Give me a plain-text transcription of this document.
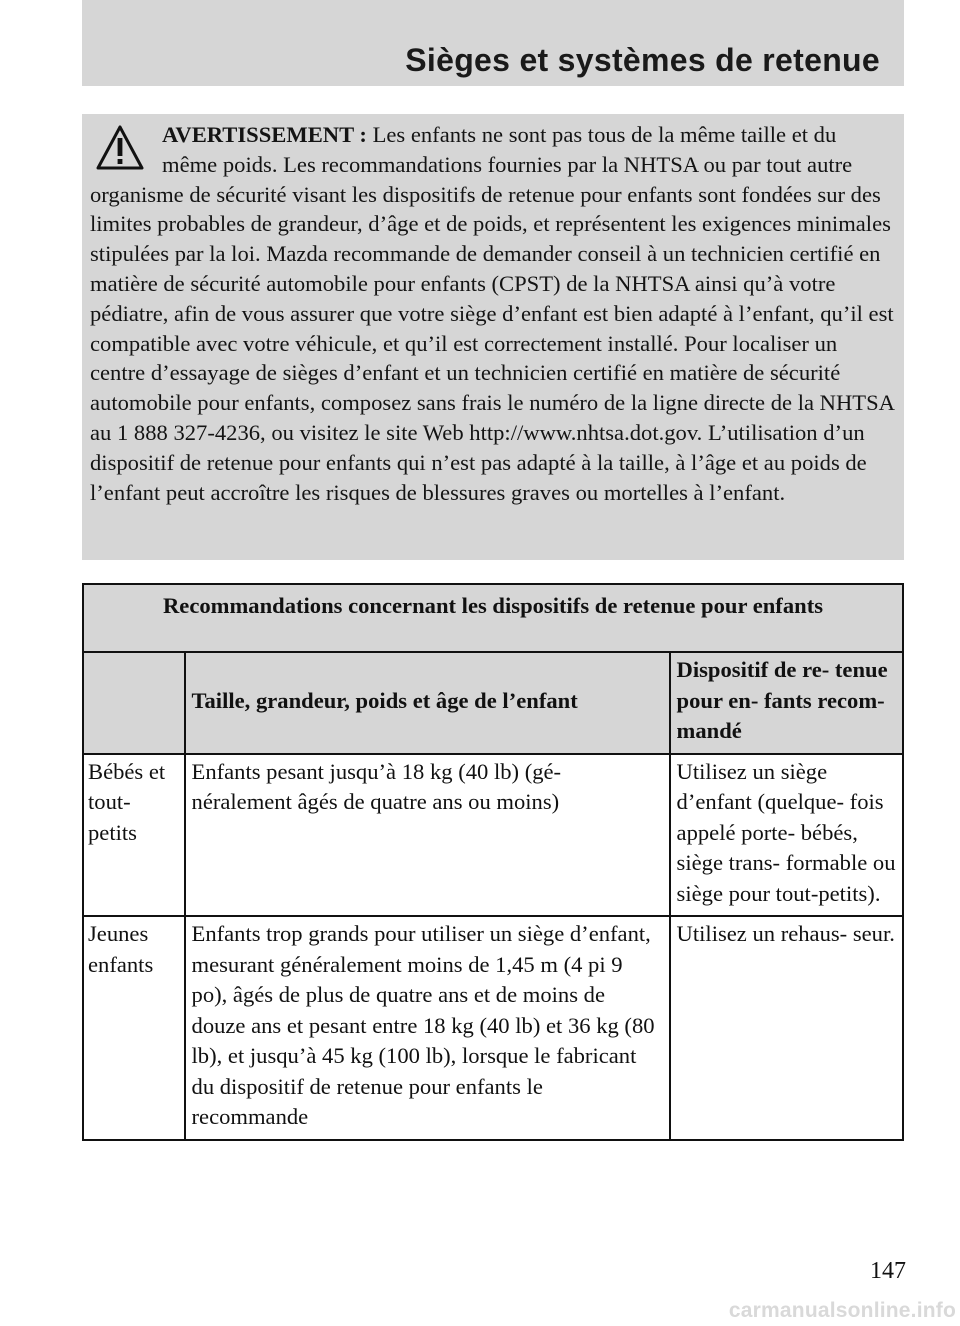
Sièges et systèmes de retenue
AVERTISSEMENT : Les enfants ne sont pas tous de la même taille et du même poids. Les recommandations fournies par la NHTSA ou par tout autre organisme de sécurité visant les dispositifs de retenue pour enfants sont fondées sur des limites probables de grandeur, d’âge et de poids, et représentent les exigences minimales stipulées par la loi. Mazda recommande de demander conseil à un technicien certifié en matière de sécurité automobile pour enfants (CPST) de la NHTSA ainsi qu’à votre pédiatre, afin de vous assurer que votre siège d’enfant est bien adapté à l’enfant, qu’il est compatible avec votre véhicule, et qu’il est correctement installé. Pour localiser un centre d’essayage de sièges d’enfant et un technicien certifié en matière de sécurité automobile pour enfants, composez sans frais le numéro de la ligne directe de la NHTSA au 1 888 327-4236, ou visitez le site Web http://www.nhtsa.dot.gov. L’utilisation d’un dispositif de retenue pour enfants qui n’est pas adapté à la taille, à l’âge et au poids de l’enfant peut accroître les risques de blessures graves ou mortelles à l’enfant.
Recommandations concernant les dispositifs de retenue pour enfants		
	Taille, grandeur, poids et âge de l’enfant	Dispositif de re- tenue pour en- fants recom- mandé
Bébés et tout- petits	Enfants pesant jusqu’à 18 kg (40 lb) (gé- néralement âgés de quatre ans ou moins)	Utilisez un siège d’enfant (quelque- fois appelé porte- bébés, siège trans- formable ou siège pour tout-petits).
Jeunes enfants	Enfants trop grands pour utiliser un siège d’enfant, mesurant généralement moins de 1,45 m (4 pi 9 po), âgés de plus de quatre ans et de moins de douze ans et pesant entre 18 kg (40 lb) et 36 kg (80 lb), et jusqu’à 45 kg (100 lb), lorsque le fabricant du dispositif de retenue pour enfants le recommande	Utilisez un rehaus- seur.
147
carmanualsonline.info
